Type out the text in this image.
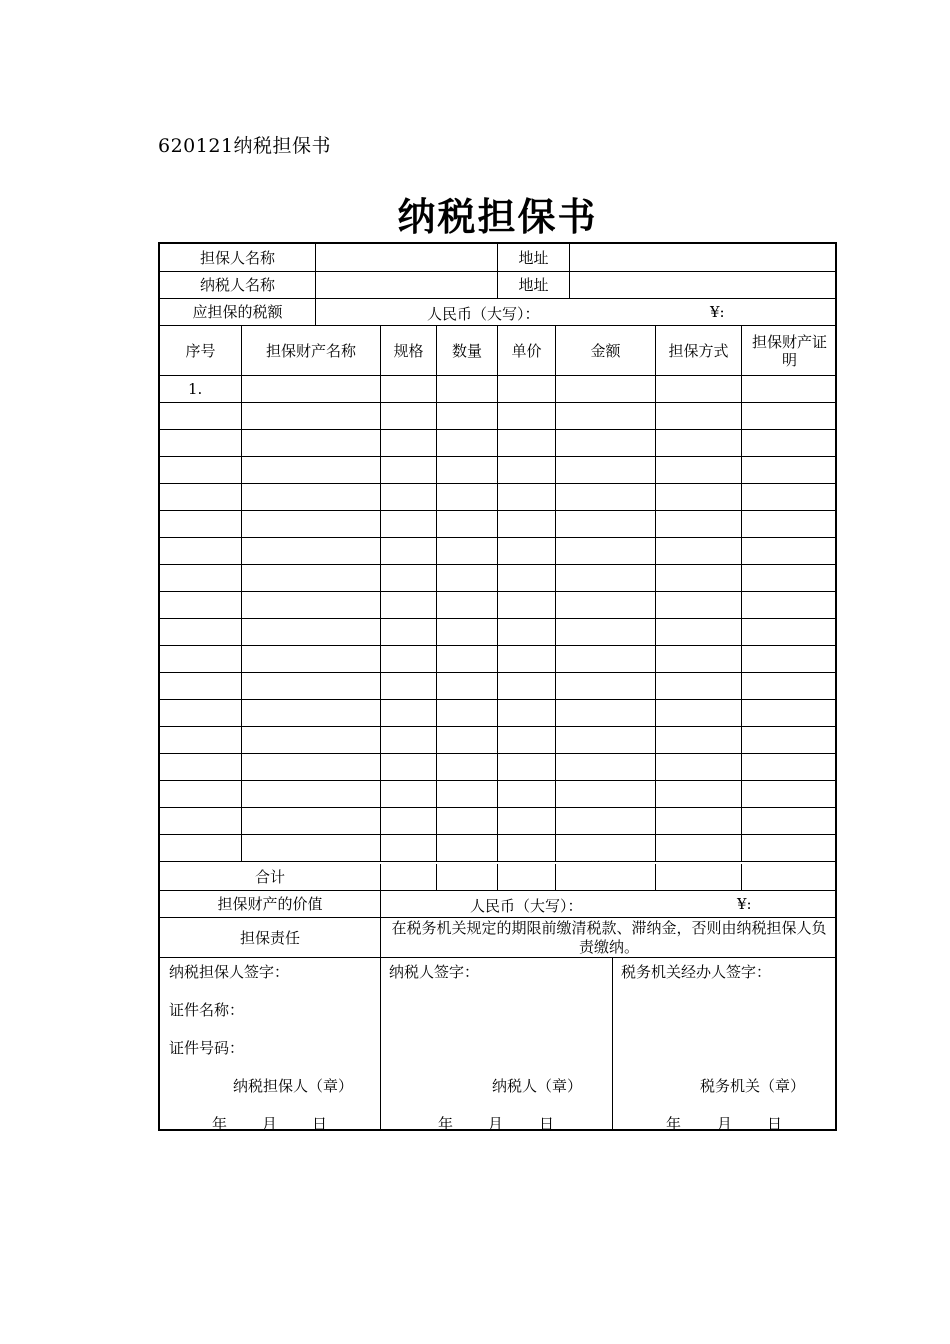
620121纳税担保书
纳税担保书
担保人名称	地址
纳税人名称	地址
应担保的税额	人民币（大写）：	¥:
序号	担保财产名称	规格	数量	单价	金额	担保方式	担保财产证明
1.
合计
担保财产的价值	人民币（大写）：	¥:
担保责任
在税务机关规定的期限前缴清税款、滞纳金，否则由纳税担保人负责缴纳。
纳税担保人签字：
证件名称：
证件号码：
纳税担保人（章）
年 月 日
纳税人签字：
纳税人（章）
年 月 日
税务机关经办人签字：
税务机关（章）
年 月 日
